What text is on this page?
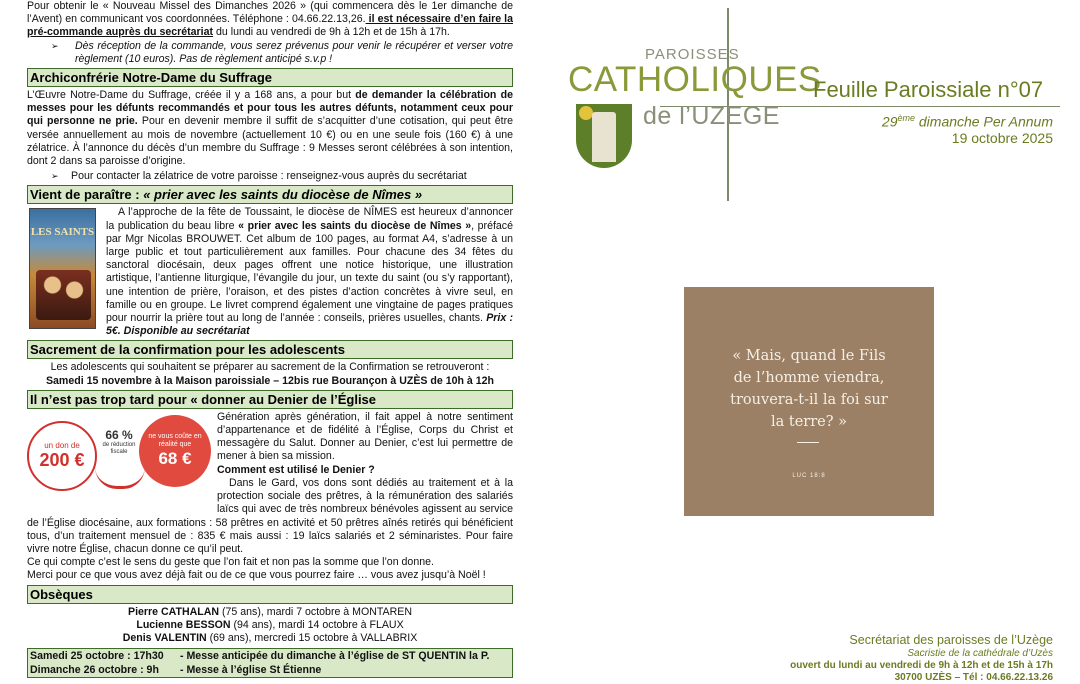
Pour obtenir le « Nouveau Missel des Dimanches 2026 » (qui commencera dès le 1er dimanche de l’Avent) en communicant vos coordonnées. Téléphone : 04.66.22.13,26. il est nécessaire d’en faire la pré-commande auprès du secrétariat du lundi au vendredi de 9h à 12h et de 15h à 17h.
➢	Dès réception de la commande, vous serez prévenus pour venir le récupérer et verser votre règlement (10 euros). Pas de règlement anticipé s.v.p !
Archiconfrérie Notre-Dame du Suffrage
L’Œuvre Notre-Dame du Suffrage, créée il y a 168 ans, a pour but de demander la célébration de messes pour les défunts recommandés et pour tous les autres défunts, notamment ceux pour qui personne ne prie. Pour en devenir membre il suffit de s’acquitter d’une cotisation, qui peut être versée annuellement au mois de novembre (actuellement 10 €) ou en une seule fois (160 €) à une zélatrice. À l’annonce du décès d’un membre du Suffrage : 9 Messes seront célébrées à son intention, dont 2 dans sa paroisse d’origine.
➢	Pour contacter la zélatrice de votre paroisse : renseignez-vous auprès du secrétariat
Vient de paraître : « prier avec les saints du diocèse de Nîmes »
LES SAINTS
A l’approche de la fête de Toussaint, le diocèse de NÎMES est heureux d’annoncer la publication du beau libre « prier avec les saints du diocèse de Nîmes », préfacé par Mgr Nicolas BROUWET. Cet album de 100 pages, au format A4, s’adresse à un large public et tout particulièrement aux familles. Pour chacune des 34 fêtes du sanctoral diocésain, deux pages offrent une notice historique, une illustration artistique, l’antienne liturgique, l’évangile du jour, un texte du saint (ou s’y rapportant), une intention de prière, l’oraison, et des pistes d’action concrètes à vivre seul, en famille ou en groupe. Le livret comprend également une vingtaine de pages pratiques pour nourrir la prière tout au long de l’année : conseils, prières usuelles, chants. Prix : 5€. Disponible au secrétariat
Sacrement de la confirmation pour les adolescents
Les adolescents qui souhaitent se préparer au sacrement de la Confirmation se retrouveront :
Samedi 15 novembre à la Maison paroissiale – 12bis rue Bourançon à UZÈS de 10h à 12h
Il n’est pas trop tard pour « donner au Denier de l’Église
un don de
200 €
66 %
de réduction fiscale
ne vous coûte en réalité que
68 €
Génération après génération, il fait appel à notre sentiment d’appartenance et de fidélité à l’Église, Corps du Christ et messagère du Salut. Donner au Denier, c’est lui permettre de mener à bien sa mission.
Comment est utilisé le Denier ?
Dans le Gard, vos dons sont dédiés au traitement et à la protection sociale des prêtres, à la rémunération des salariés laïcs qui avec de très nombreux bénévoles agissent au service de l’Église diocésaine, aux formations : 58 prêtres en activité et 50 prêtres aînés retirés qui bénéficient tous, d’un traitement mensuel de : 835 € mais aussi : 19 laïcs salariés et 2 séminaristes. Pour faire vivre notre Église, chacun donne ce qu’il peut.
Ce qui compte c’est le sens du geste que l’on fait et non pas la somme que l’on donne.
Merci pour ce que vous avez déjà fait ou de ce que vous pourrez faire … vous avez jusqu’à Noël !
Obsèques
Pierre CATHALAN (75 ans), mardi 7 octobre à MONTAREN
Lucienne BESSON (94 ans), mardi 14 octobre à FLAUX
Denis VALENTIN (69 ans), mercredi 15 octobre à VALLABRIX
Samedi 25 octobre : 17h30	- Messe anticipée du dimanche à l’église de ST QUENTIN la P.
Dimanche 26 octobre : 9h	- Messe à l’église St Étienne
PAROISSES
CATHOLIQUES
de l’UZEGE
Feuille Paroissiale n°07
29ème dimanche Per Annum
19 octobre 2025
« Mais, quand le Fils de l’homme viendra, trouvera-t-il la foi sur la terre? »
LUC 18:8
Secrétariat des paroisses de l’Uzège
Sacristie de la cathédrale d’Uzès
ouvert du lundi au vendredi de 9h à 12h et de 15h à 17h
30700 UZÈS – Tél : 04.66.22.13.26
